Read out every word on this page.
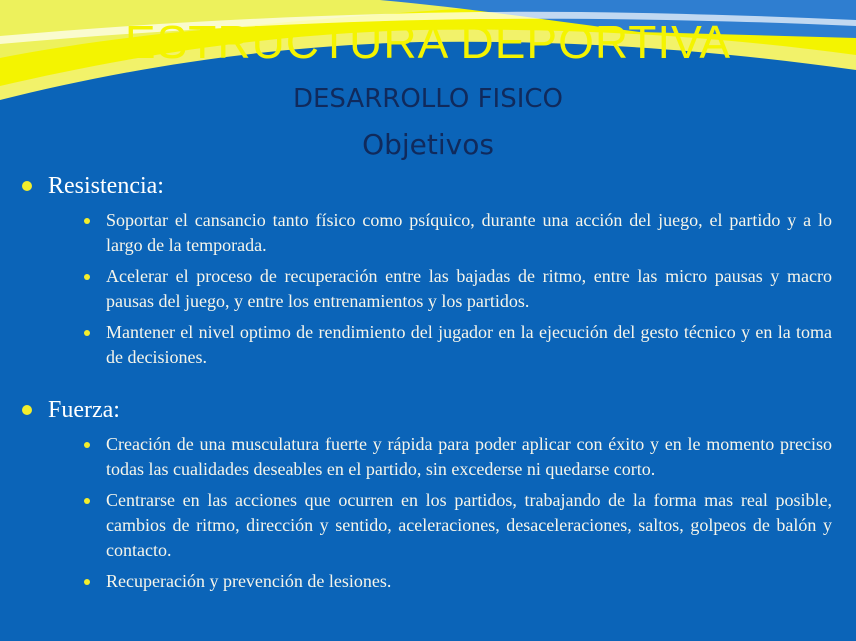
ESTRUCTURA DEPORTIVA
DESARROLLO FISICO
Objetivos
Resistencia:
Soportar el cansancio tanto físico como psíquico, durante una acción del juego, el partido y a lo largo de la temporada.
Acelerar el proceso de recuperación entre las bajadas de ritmo, entre las micro pausas y macro pausas del juego, y entre los entrenamientos y los partidos.
Mantener el nivel optimo de rendimiento del jugador en la ejecución del gesto técnico y en la toma de decisiones.
Fuerza:
Creación de una musculatura fuerte y rápida para poder aplicar con éxito y en le momento preciso todas las cualidades deseables en el partido, sin excederse ni quedarse corto.
Centrarse en las acciones que ocurren en los partidos, trabajando de la forma mas real posible, cambios de ritmo, dirección y sentido, aceleraciones, desaceleraciones, saltos, golpeos de balón y contacto.
Recuperación y prevención de lesiones.
